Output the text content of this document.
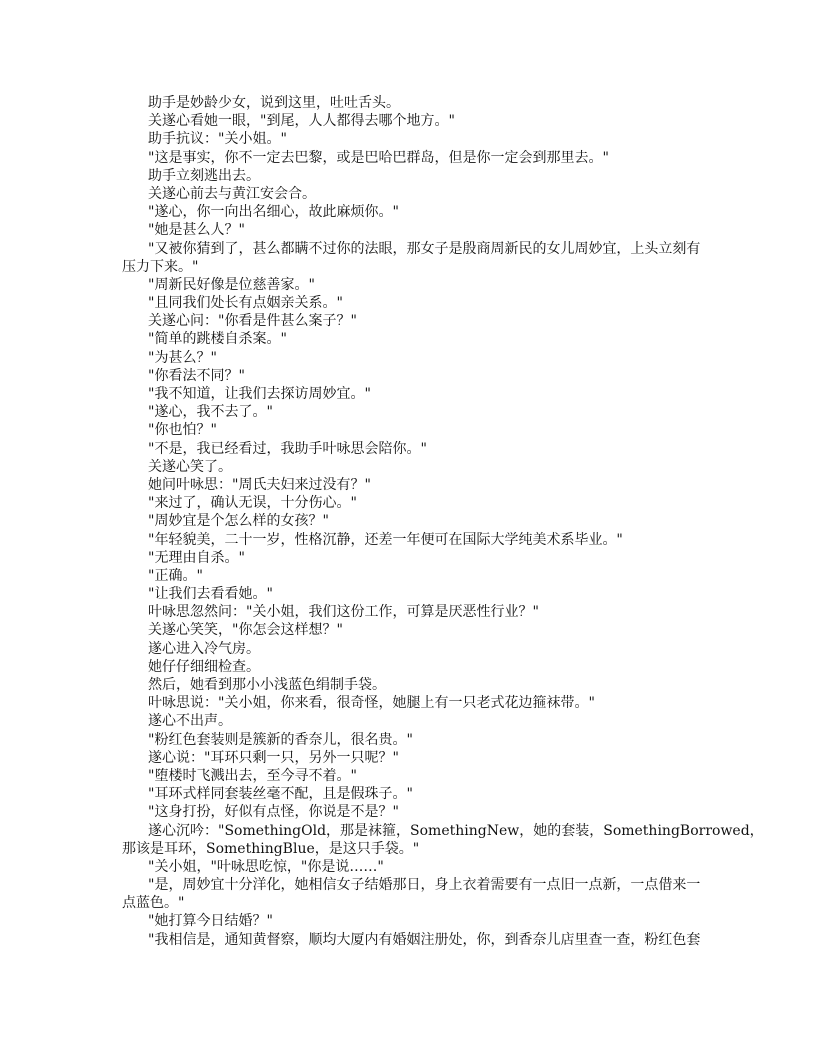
助手是妙龄少女，说到这里，吐吐舌头。
关遂心看她一眼，"到尾，人人都得去哪个地方。"
助手抗议："关小姐。"
"这是事实，你不一定去巴黎，或是巴哈巴群岛，但是你一定会到那里去。"
助手立刻逃出去。
关遂心前去与黄江安会合。
"遂心，你一向出名细心，故此麻烦你。"
"她是甚么人？"
"又被你猜到了，甚么都瞒不过你的法眼，那女子是殷商周新民的女儿周妙宜，上头立刻有
压力下来。"
"周新民好像是位慈善家。"
"且同我们处长有点姻亲关系。"
关遂心问："你看是件甚么案子？"
"简单的跳楼自杀案。"
"为甚么？"
"你看法不同？"
"我不知道，让我们去探访周妙宜。"
"遂心，我不去了。"
"你也怕？"
"不是，我已经看过，我助手叶咏思会陪你。"
关遂心笑了。
她问叶咏思："周氏夫妇来过没有？"
"来过了，确认无误，十分伤心。"
"周妙宜是个怎么样的女孩？"
"年轻貌美，二十一岁，性格沉静，还差一年便可在国际大学纯美术系毕业。"
"无理由自杀。"
"正确。"
"让我们去看看她。"
叶咏思忽然问："关小姐，我们这份工作，可算是厌恶性行业？"
关遂心笑笑，"你怎会这样想？"
遂心进入冷气房。
她仔仔细细检查。
然后，她看到那小小浅蓝色绢制手袋。
叶咏思说："关小姐，你来看，很奇怪，她腿上有一只老式花边箍袜带。"
遂心不出声。
"粉红色套装则是簇新的香奈儿，很名贵。"
遂心说："耳环只剩一只，另外一只呢？"
"堕楼时飞溅出去，至今寻不着。"
"耳环式样同套装丝毫不配，且是假珠子。"
"这身打扮，好似有点怪，你说是不是？"
遂心沉吟："SomethingOld，那是袜箍，SomethingNew，她的套装，SomethingBorrowed，
那该是耳环，SomethingBlue，是这只手袋。"
"关小姐，"叶咏思吃惊，"你是说……"
"是，周妙宜十分洋化，她相信女子结婚那日，身上衣着需要有一点旧一点新，一点借来一
点蓝色。"
"她打算今日结婚？"
"我相信是，通知黄督察，顺均大厦内有婚姻注册处，你，到香奈儿店里查一查，粉红色套
